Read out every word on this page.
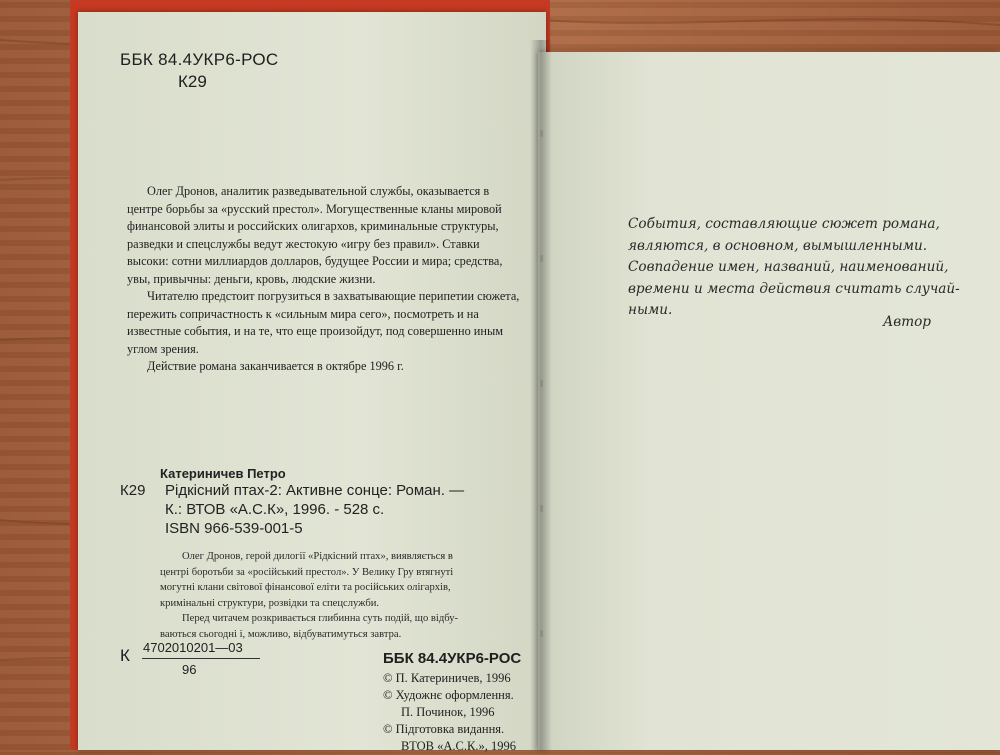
ББК 84.4УКР6-РОС

К29

Олег Дронов, аналитик разведывательной службы, оказывается в
центре борьбы за «русский престол». Могущественные кланы мировой
финансовой элиты и российских олигархов, криминальные структуры,
разведки и спецслужбы ведут жестокую «игру без правил». Ставки
высоки: сотни миллиардов долларов, будущее России и мира; средства,
увы, привычны: деньги, кровь, людские жизни.
Читателю предстоит погрузиться в захватывающие перипетии сюжета,
пережить сопричастность к «сильным мира сего», посмотреть и на
известные события, и на те, что еще произойдут, под совершенно иным
углом зрения.
Действие романа заканчивается в октябре 1996 г.
Катериничев Петро
К29 Рідкісний птах-2: Активне сонце: Роман. —
К.: ВТОВ «А.С.К», 1996. - 528 с.
ISBN 966-539-001-5
Олег Дронов, герой дилогії «Рідкісний птах», виявляється в
центрі боротьби за «російський престол». У Велику Гру втягнуті
могутні клани світової фінансової еліти та російських олігархів,
кримінальні структури, розвідки та спецслужби.
Перед читачем розкривається глибинна суть подій, що відбу-
ваються сьогодні і, можливо, відбуватимуться завтра.
К 4702010201—03
96

ББК 84.4УКР6-РОС

© П. Катериничев, 1996
© Художнє оформлення.
П. Починок, 1996
© Підготовка видання.
ВТОВ «А.С.К.», 1996
События, составляющие сюжет романа,
являются, в основном, вымышленными.
Совпадение имен, названий, наименований,
времени и места действия считать случай-
ными.

Автор
